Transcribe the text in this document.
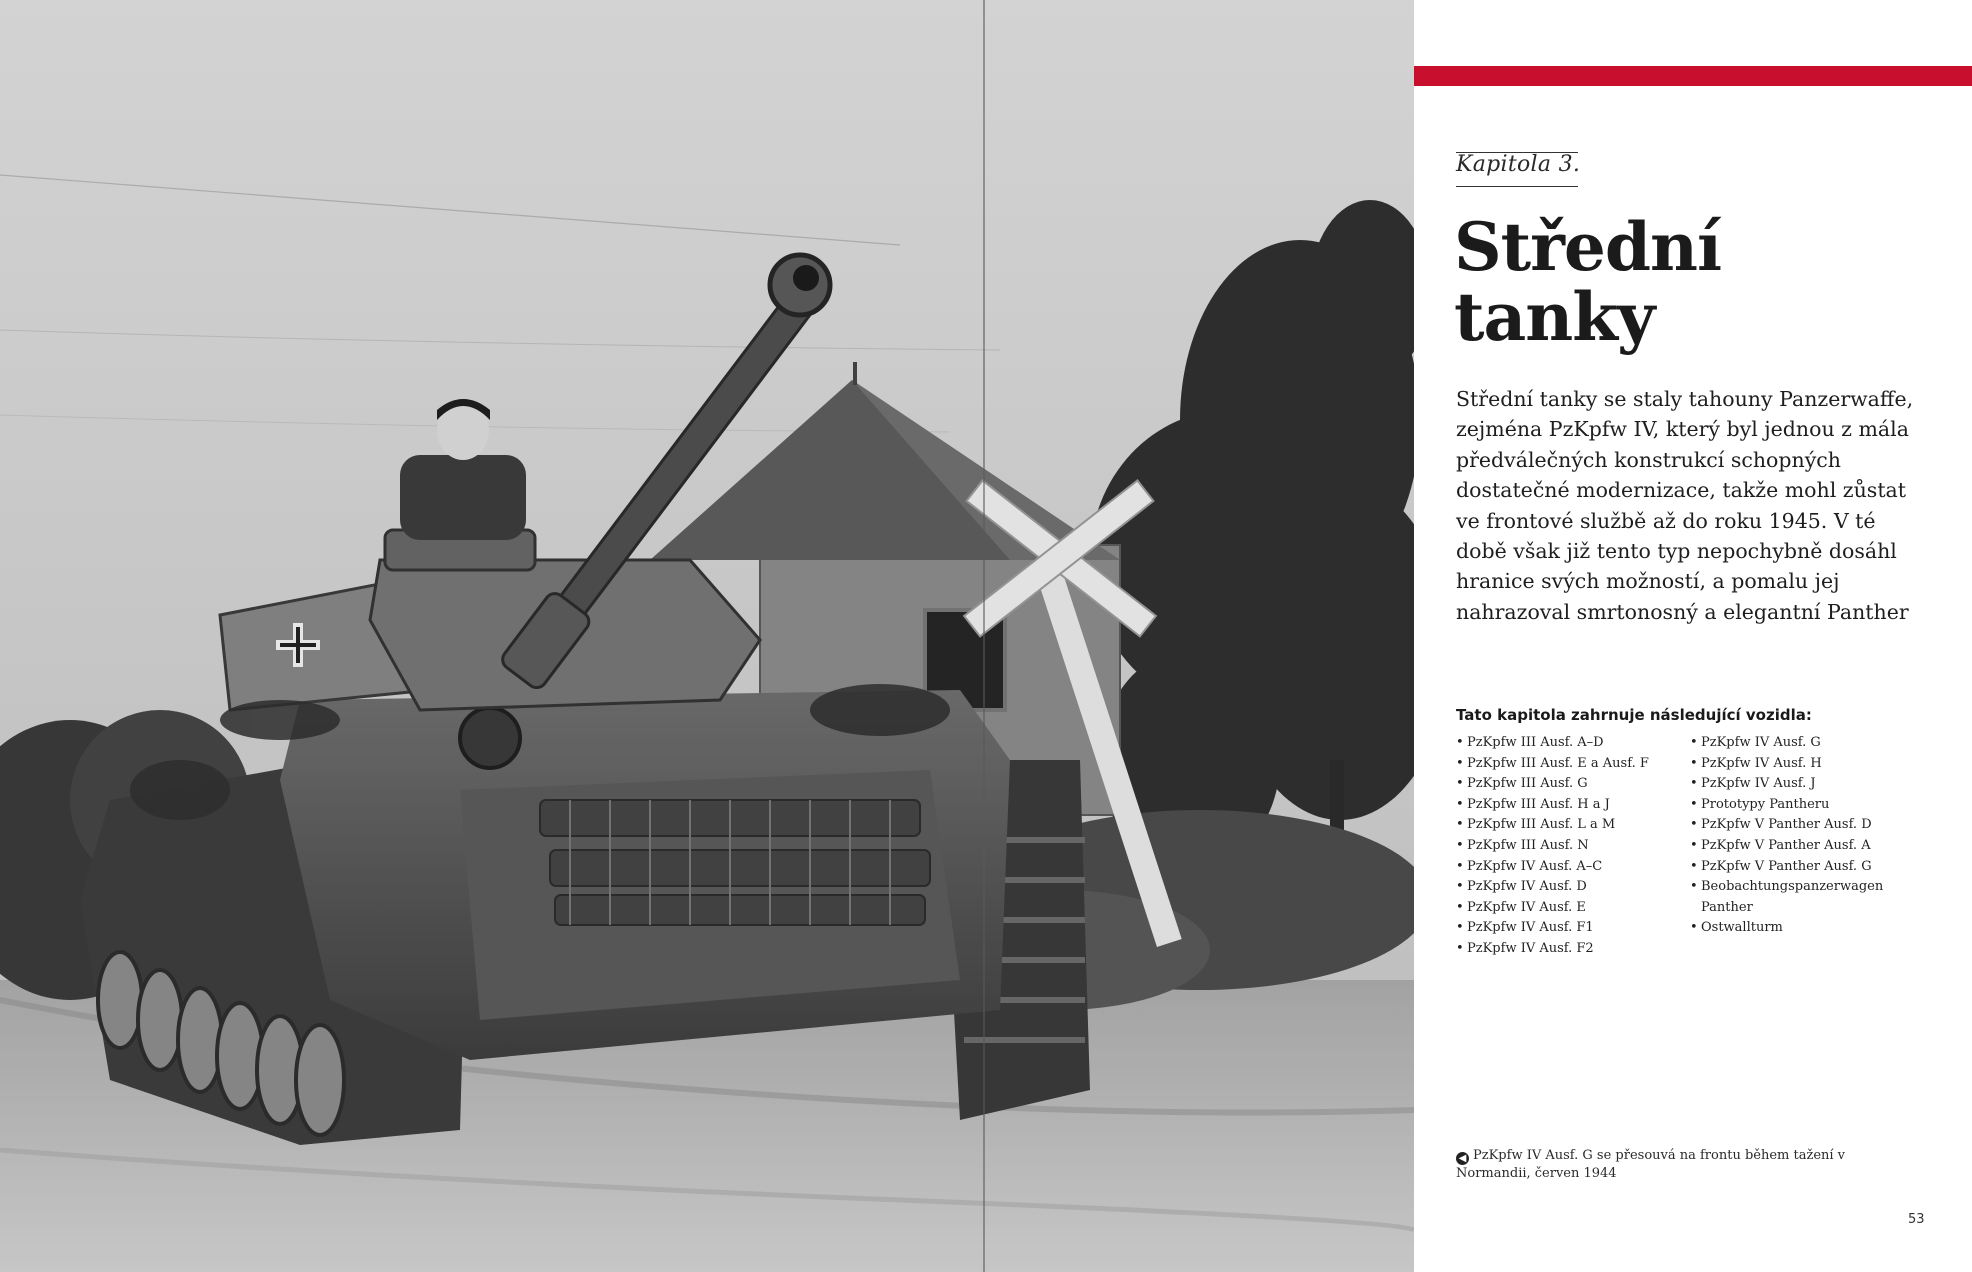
Kapitola 3.
Střední
tanky
Střední tanky se staly tahouny Panzerwaffe,
zejména PzKpfw IV, který byl jednou z mála
předválečných konstrukcí schopných
dostatečné modernizace, takže mohl zůstat
ve frontové službě až do roku 1945. V té
době však již tento typ nepochybně dosáhl
hranice svých možností, a pomalu jej
nahrazoval smrtonosný a elegantní Panther
Tato kapitola zahrnuje následující vozidla:
• PzKpfw III Ausf. A–D
• PzKpfw III Ausf. E a Ausf. F
• PzKpfw III Ausf. G
• PzKpfw III Ausf. H a J
• PzKpfw III Ausf. L a M
• PzKpfw III Ausf. N
• PzKpfw IV Ausf. A–C
• PzKpfw IV Ausf. D
• PzKpfw IV Ausf. E
• PzKpfw IV Ausf. F1
• PzKpfw IV Ausf. F2
• PzKpfw IV Ausf. G
• PzKpfw IV Ausf. H
• PzKpfw IV Ausf. J
• Prototypy Pantheru
• PzKpfw V Panther Ausf. D
• PzKpfw V Panther Ausf. A
• PzKpfw V Panther Ausf. G
• Beobachtungspanzerwagen Panther
• Ostwallturm
◀ PzKpfw IV Ausf. G se přesouvá na frontu během tažení v Normandii, červen 1944
53
